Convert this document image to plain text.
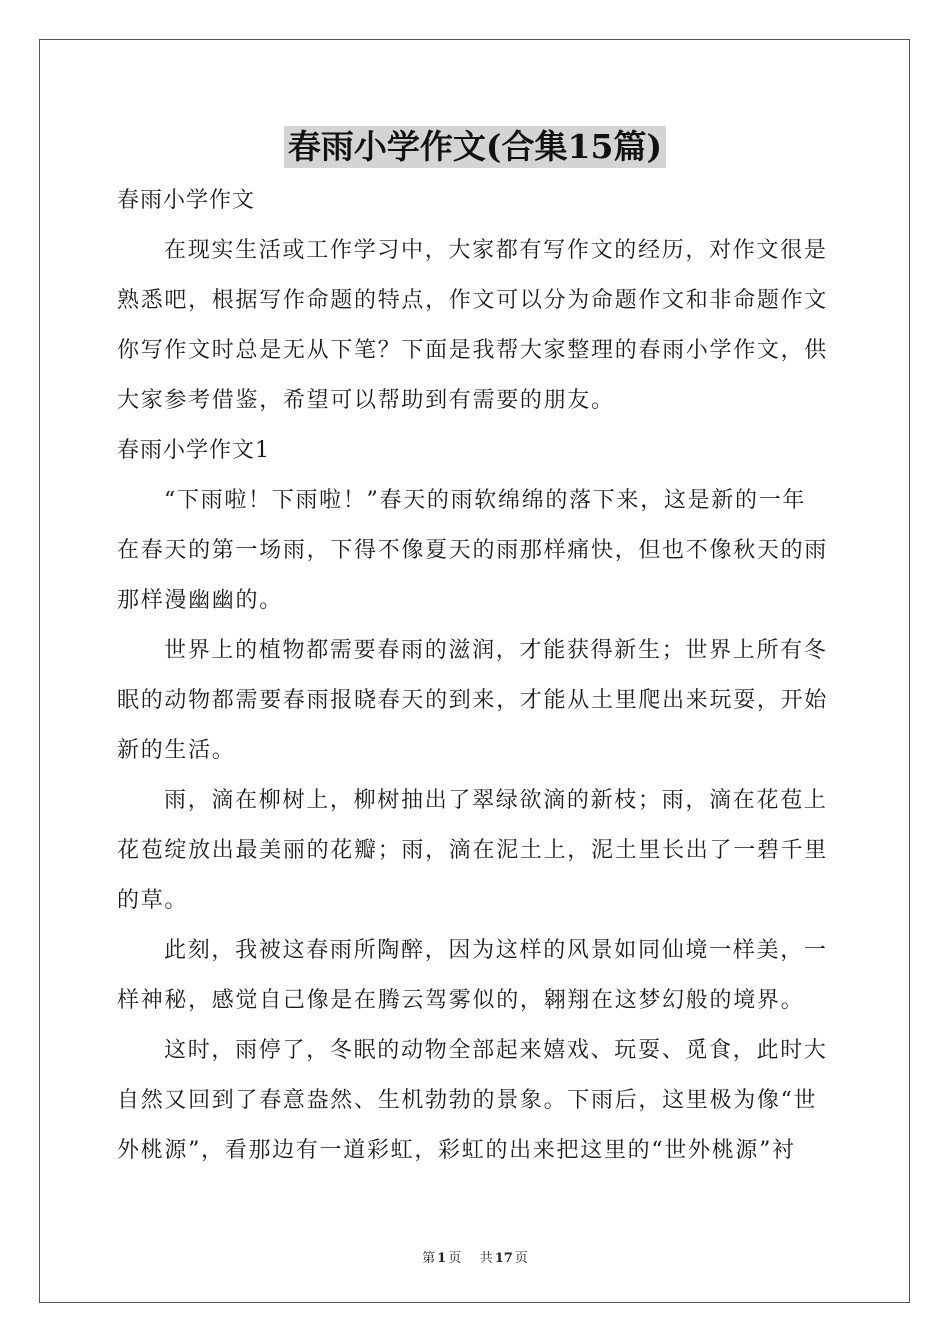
春雨小学作文(合集15篇)
春雨小学作文
在现实生活或工作学习中，大家都有写作文的经历，对作文很是
熟悉吧，根据写作命题的特点，作文可以分为命题作文和非命题作文
你写作文时总是无从下笔？下面是我帮大家整理的春雨小学作文，供
大家参考借鉴，希望可以帮助到有需要的朋友。
春雨小学作文1
“下雨啦！下雨啦！”春天的雨软绵绵的落下来，这是新的一年
在春天的第一场雨，下得不像夏天的雨那样痛快，但也不像秋天的雨
那样漫幽幽的。
世界上的植物都需要春雨的滋润，才能获得新生；世界上所有冬
眠的动物都需要春雨报晓春天的到来，才能从土里爬出来玩耍，开始
新的生活。
雨，滴在柳树上，柳树抽出了翠绿欲滴的新枝；雨，滴在花苞上
花苞绽放出最美丽的花瓣；雨，滴在泥土上，泥土里长出了一碧千里
的草。
此刻，我被这春雨所陶醉，因为这样的风景如同仙境一样美，一
样神秘，感觉自己像是在腾云驾雾似的，翱翔在这梦幻般的境界。
这时，雨停了，冬眠的动物全部起来嬉戏、玩耍、觅食，此时大
自然又回到了春意盎然、生机勃勃的景象。下雨后，这里极为像“世
外桃源”，看那边有一道彩虹，彩虹的出来把这里的“世外桃源”衬
第 1 页 共 17 页
